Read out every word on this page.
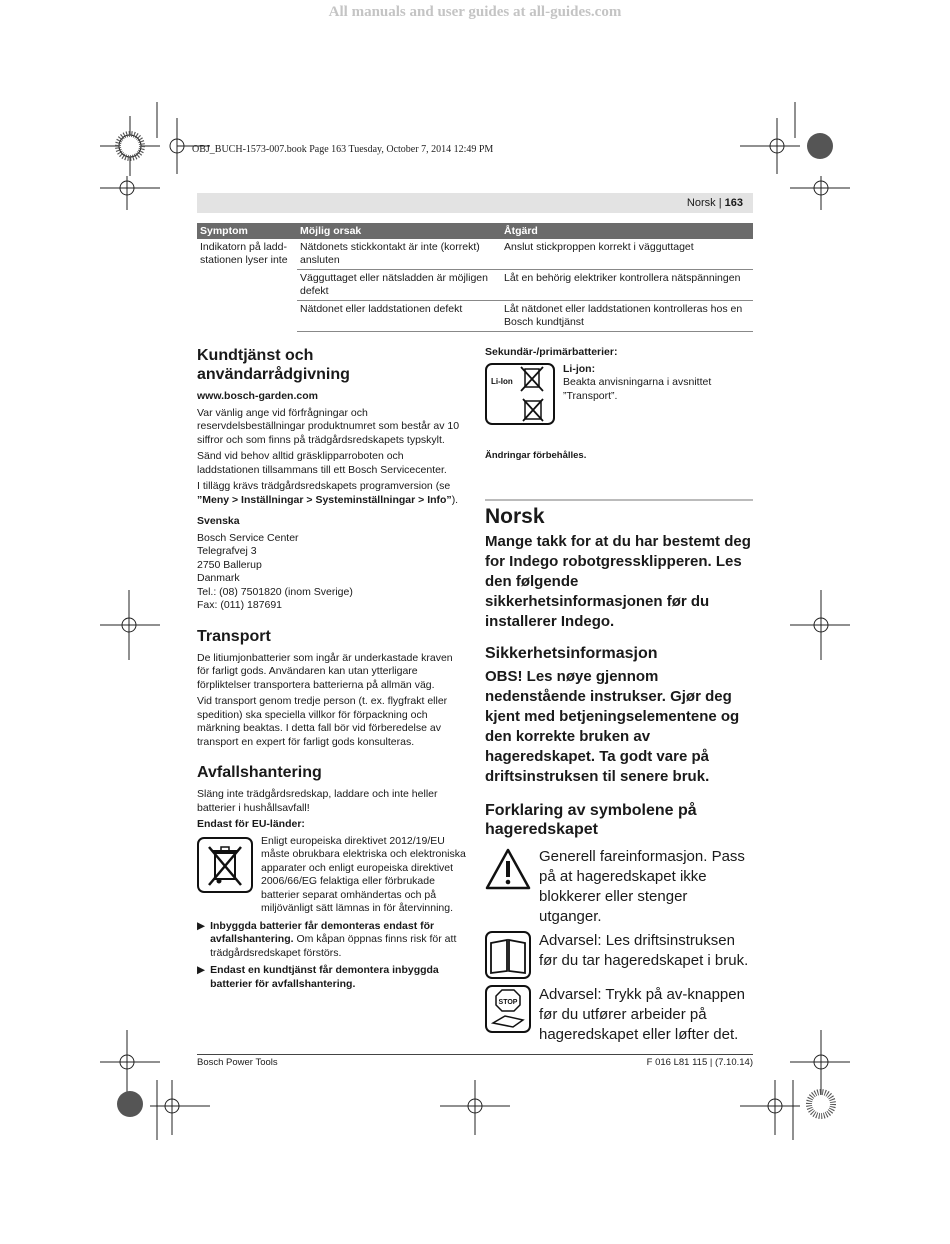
All manuals and user guides at all-guides.com
OBJ_BUCH-1573-007.book Page 163 Tuesday, October 7, 2014 12:49 PM
Norsk | 163
Symptom	Möjlig orsak	Åtgärd
Indikatorn på ladd-stationen lyser inte	Nätdonets stickkontakt är inte (korrekt) ansluten	Anslut stickproppen korrekt i vägguttaget
	Vägguttaget eller nätsladden är möjligen defekt	Låt en behörig elektriker kontrollera nätspänningen
	Nätdonet eller laddstationen defekt	Låt nätdonet eller laddstationen kontrolleras hos en Bosch kundtjänst
Kundtjänst och användarrådgivning

www.bosch-garden.com

Var vänlig ange vid förfrågningar och reservdelsbeställningar produktnumret som består av 10 siffror och som finns på trädgårdsredskapets typskylt.

Sänd vid behov alltid gräsklipparroboten och laddstationen tillsammans till ett Bosch Servicecenter.

I tillägg krävs trädgårdsredskapets programversion (se
”Meny > Inställningar > Systeminställningar > Info”).

Svenska

Bosch Service Center
Telegrafvej 3
2750 Ballerup
Danmark
Tel.: (08) 7501820 (inom Sverige)
Fax: (011) 187691
Transport

De litiumjonbatterier som ingår är underkastade kraven för farligt gods. Användaren kan utan ytterligare förpliktelser transportera batterierna på allmän väg.

Vid transport genom tredje person (t. ex. flygfrakt eller spedition) ska speciella villkor för förpackning och märkning beaktas. I detta fall bör vid förberedelse av transport en expert för farligt gods konsulteras.

Avfallshantering

Släng inte trädgårdsredskap, laddare och inte heller batterier i hushållsavfall!

Endast för EU-länder:

Enligt europeiska direktivet 2012/19/EU måste obrukbara elektriska och elektroniska apparater och enligt europeiska direktivet 2006/66/EG felaktiga eller förbrukade batterier separat omhändertas och på miljövänligt sätt lämnas in för återvinning.
▶ Inbyggda batterier får demonteras endast för avfallshantering. Om kåpan öppnas finns risk för att trädgårdsredskapet förstörs.
▶ Endast en kundtjänst får demontera inbyggda batterier för avfallshantering.

Sekundär-/primärbatterier:

Li-Ion
Li-jon:
Beakta anvisningarna i avsnittet ”Transport”.

Ändringar förbehålles.

Norsk
Mange takk for at du har bestemt deg for Indego robotgressklipperen. Les den følgende sikkerhetsinformasjonen før du installerer Indego.
Sikkerhetsinformasjon
OBS! Les nøye gjennom nedenstående instrukser. Gjør deg kjent med betjeningselementene og den korrekte bruken av hageredskapet. Ta godt vare på driftsinstruksen til senere bruk.
Forklaring av symbolene på hageredskapet
Generell fareinformasjon. Pass på at hageredskapet ikke blokkerer eller stenger utganger.
Advarsel: Les driftsinstruksen før du tar hageredskapet i bruk.
STOP Advarsel: Trykk på av-knappen før du utfører arbeider på hageredskapet eller løfter det.
Bosch Power Tools	F 016 L81 115 | (7.10.14)
